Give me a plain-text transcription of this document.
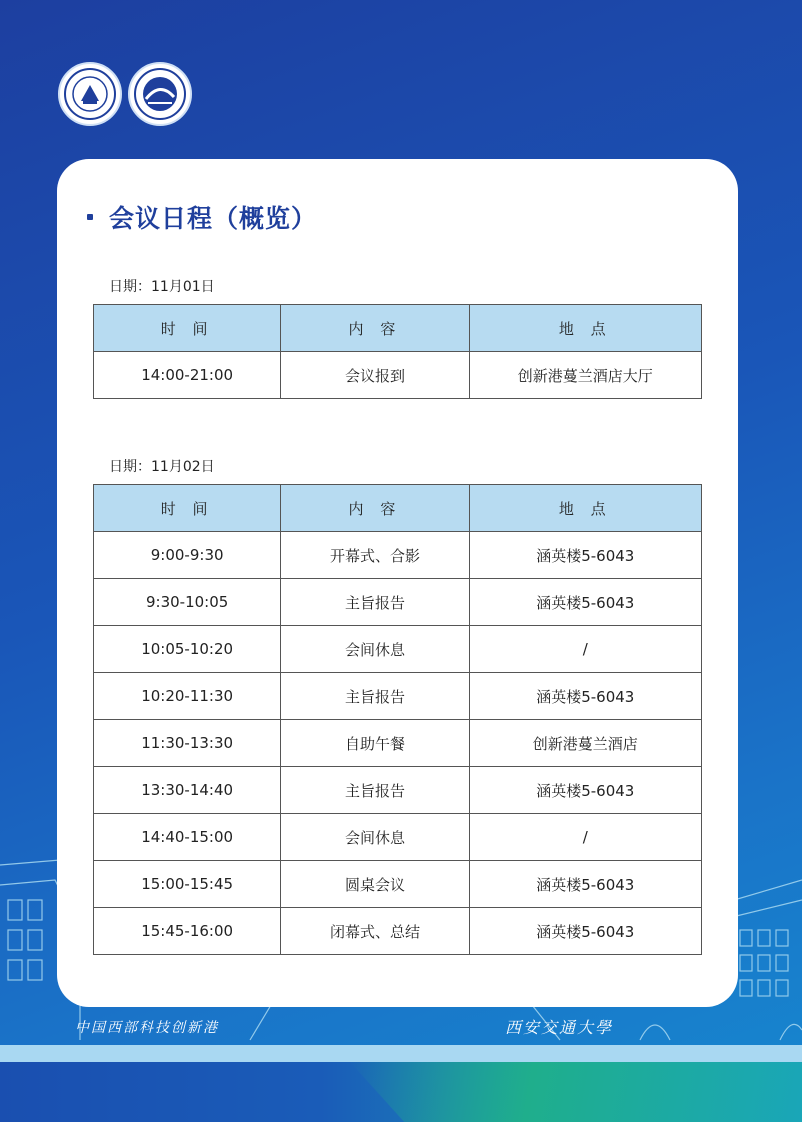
中国西部科技创新港	西安交通大學
会议日程（概览）
日期：11月01日
时 间	内 容	地 点
14:00-21:00	会议报到	创新港蔓兰酒店大厅
日期：11月02日
时 间	内 容	地 点
9:00-9:30	开幕式、合影	涵英楼5-6043
9:30-10:05	主旨报告	涵英楼5-6043
10:05-10:20	会间休息	/
10:20-11:30	主旨报告	涵英楼5-6043
11:30-13:30	自助午餐	创新港蔓兰酒店
13:30-14:40	主旨报告	涵英楼5-6043
14:40-15:00	会间休息	/
15:00-15:45	圆桌会议	涵英楼5-6043
15:45-16:00	闭幕式、总结	涵英楼5-6043
